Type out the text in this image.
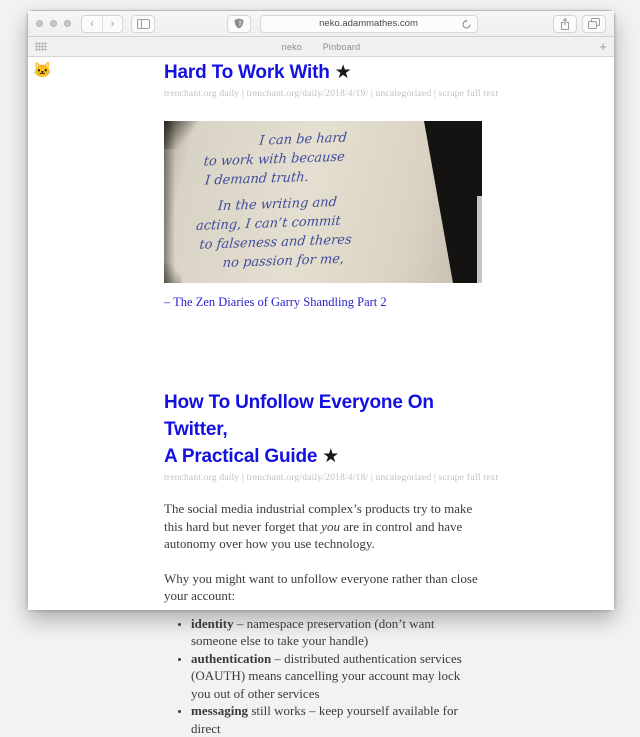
‹	›	neko.adammathes.com
neko Pinboard	+
🐱	Hard To Work With ★
trenchant.org daily | trenchant.org/daily/2018/4/19/ | uncategorized | scrape full text
I can be hard
to work with because
I demand truth.
In the writing and
acting, I can’t commit
to falseness and theres
no passion for me,
– The Zen Diaries of Garry Shandling Part 2
How To Unfollow Everyone On Twitter,
A Practical Guide ★
trenchant.org daily | trenchant.org/daily/2018/4/18/ | uncategorized | scrape full text

The social media industrial complex’s products try to make this hard but never forget that you are in control and have autonomy over how you use technology.

Why you might want to unfollow everyone rather than close your account:

• identity – namespace preservation (don’t want someone else to take your handle)
• authentication – distributed authentication services (OAUTH) means cancelling your account may lock you out of other services
• messaging still works – keep yourself available for direct
